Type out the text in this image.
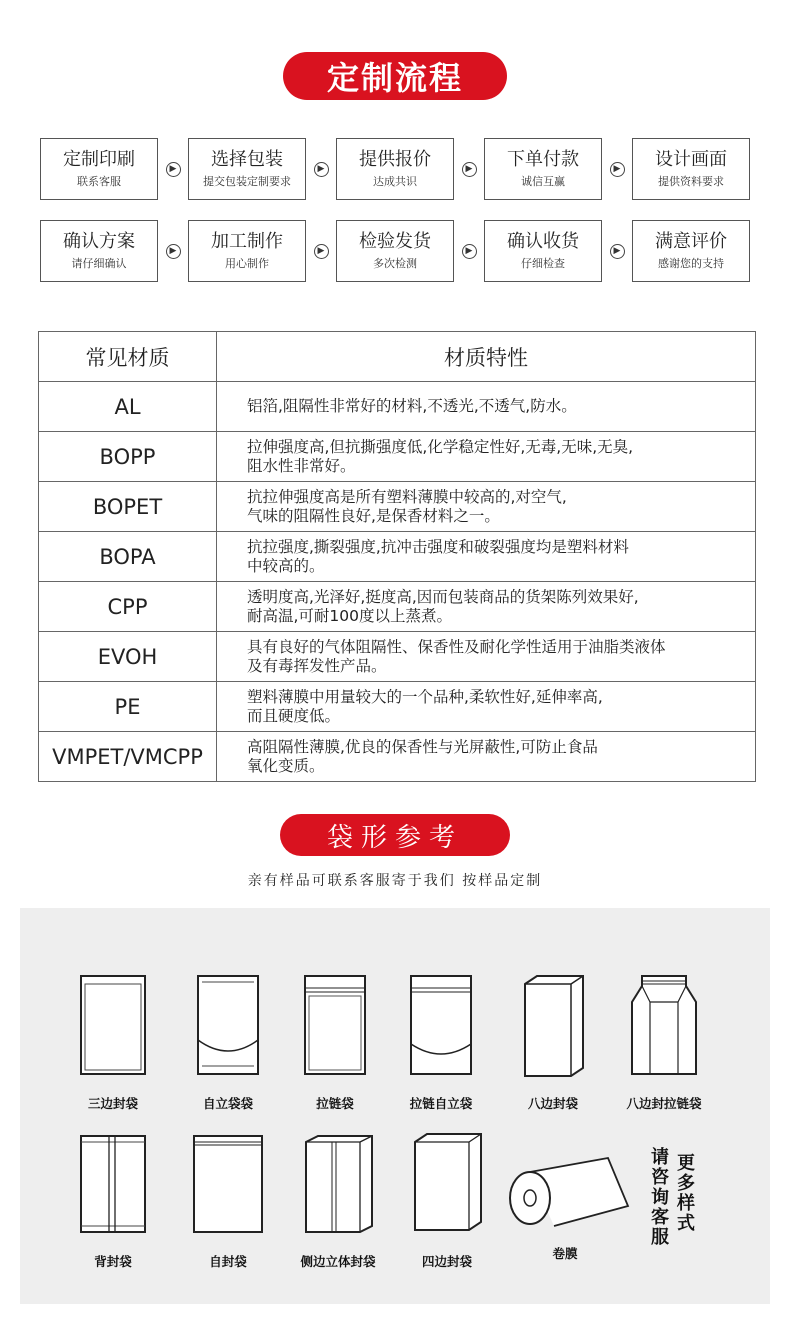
定制流程
定制印刷
联系客服
▶ 选择包装
提交包装定制要求
▶ 提供报价
达成共识
▶ 下单付款
诚信互赢
▶ 设计画面
提供资料要求
确认方案
请仔细确认
▶ 加工制作
用心制作
▶ 检验发货
多次检测
▶ 确认收货
仔细检查
▶ 满意评价
感谢您的支持
常见材质	材质特性
AL	铝箔,阻隔性非常好的材料,不透光,不透气,防水。
BOPP	拉伸强度高,但抗撕强度低,化学稳定性好,无毒,无味,无臭,
阻水性非常好。
BOPET	抗拉伸强度高是所有塑料薄膜中较高的,对空气,
气味的阻隔性良好,是保香材料之一。
BOPA	抗拉强度,撕裂强度,抗冲击强度和破裂强度均是塑料材料
中较高的。
CPP	透明度高,光泽好,挺度高,因而包装商品的货架陈列效果好,
耐高温,可耐100度以上蒸煮。
EVOH	具有良好的气体阻隔性、保香性及耐化学性适用于油脂类液体
及有毒挥发性产品。
PE	塑料薄膜中用量较大的一个品种,柔软性好,延伸率高,
而且硬度低。
VMPET/VMCPP	高阻隔性薄膜,优良的保香性与光屏蔽性,可防止食品
氧化变质。
袋形参考
亲有样品可联系客服寄于我们 按样品定制
三边封袋	自立袋袋	拉链袋	拉链自立袋	八边封袋	八边封拉链袋
背封袋	自封袋	侧边立体封袋	四边封袋
卷膜
请
咨
询
客
服
更
多
样
式
